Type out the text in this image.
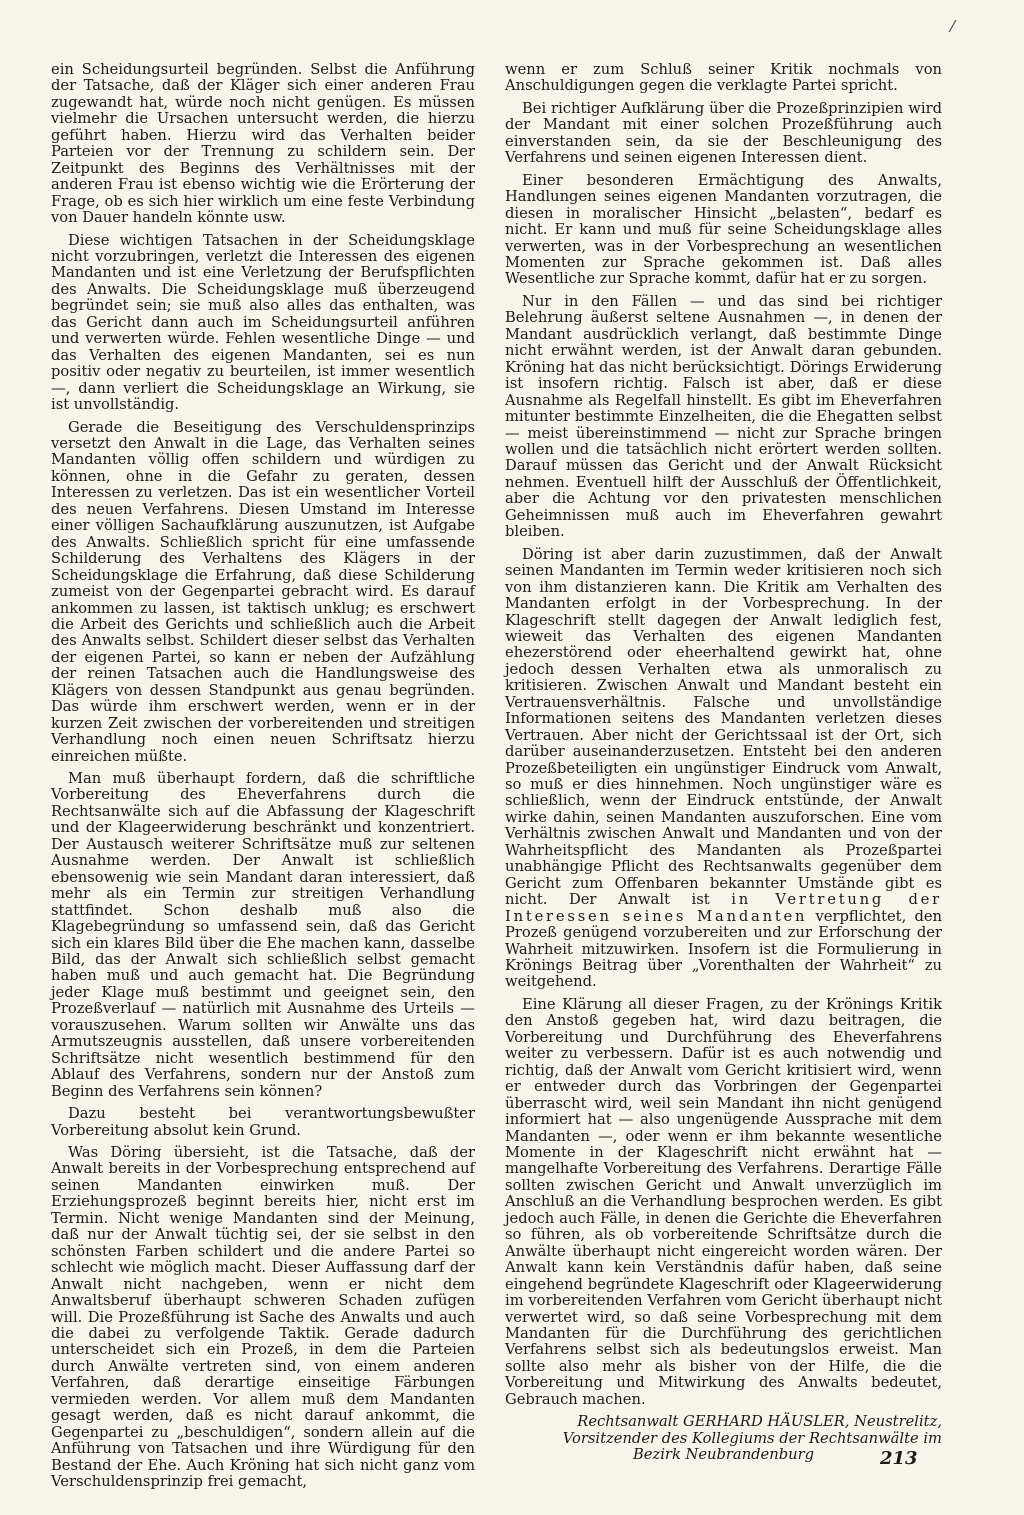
/

ein Scheidungsurteil begründen. Selbst die Anführung der Tatsache, daß der Kläger sich einer anderen Frau zugewandt hat, würde noch nicht genügen. Es müssen vielmehr die Ursachen untersucht werden, die hierzu geführt haben. Hierzu wird das Verhalten beider Parteien vor der Trennung zu schildern sein. Der Zeitpunkt des Beginns des Verhältnisses mit der anderen Frau ist ebenso wichtig wie die Erörterung der Frage, ob es sich hier wirklich um eine feste Verbindung von Dauer handeln könnte usw.

Diese wichtigen Tatsachen in der Scheidungsklage nicht vorzubringen, verletzt die Interessen des eigenen Mandanten und ist eine Verletzung der Berufspflichten des Anwalts. Die Scheidungsklage muß überzeugend begründet sein; sie muß also alles das enthalten, was das Gericht dann auch im Scheidungsurteil anführen und verwerten würde. Fehlen wesentliche Dinge — und das Verhalten des eigenen Mandanten, sei es nun positiv oder negativ zu beurteilen, ist immer wesentlich —, dann verliert die Scheidungsklage an Wirkung, sie ist unvollständig.

Gerade die Beseitigung des Verschuldensprinzips versetzt den Anwalt in die Lage, das Verhalten seines Mandanten völlig offen schildern und würdigen zu können, ohne in die Gefahr zu geraten, dessen Interessen zu verletzen. Das ist ein wesentlicher Vorteil des neuen Verfahrens. Diesen Umstand im Interesse einer völligen Sachaufklärung auszunutzen, ist Aufgabe des Anwalts. Schließlich spricht für eine umfassende Schilderung des Verhaltens des Klägers in der Scheidungsklage die Erfahrung, daß diese Schilderung zumeist von der Gegenpartei gebracht wird. Es darauf ankommen zu lassen, ist taktisch unklug; es erschwert die Arbeit des Gerichts und schließlich auch die Arbeit des Anwalts selbst. Schildert dieser selbst das Verhalten der eigenen Partei, so kann er neben der Aufzählung der reinen Tatsachen auch die Handlungsweise des Klägers von dessen Standpunkt aus genau begründen. Das würde ihm erschwert werden, wenn er in der kurzen Zeit zwischen der vorbereitenden und streitigen Verhandlung noch einen neuen Schriftsatz hierzu einreichen müßte.

Man muß überhaupt fordern, daß die schriftliche Vorbereitung des Eheverfahrens durch die Rechtsanwälte sich auf die Abfassung der Klageschrift und der Klageerwiderung beschränkt und konzentriert. Der Austausch weiterer Schriftsätze muß zur seltenen Ausnahme werden. Der Anwalt ist schließlich ebensowenig wie sein Mandant daran interessiert, daß mehr als ein Termin zur streitigen Verhandlung stattfindet. Schon deshalb muß also die Klagebegründung so umfassend sein, daß das Gericht sich ein klares Bild über die Ehe machen kann, dasselbe Bild, das der Anwalt sich schließlich selbst gemacht haben muß und auch gemacht hat. Die Begründung jeder Klage muß bestimmt und geeignet sein, den Prozeßverlauf — natürlich mit Ausnahme des Urteils — vorauszusehen. Warum sollten wir Anwälte uns das Armutszeugnis ausstellen, daß unsere vorbereitenden Schriftsätze nicht wesentlich bestimmend für den Ablauf des Verfahrens, sondern nur der Anstoß zum Beginn des Verfahrens sein können?

Dazu besteht bei verantwortungsbewußter Vorbereitung absolut kein Grund.

Was Döring übersieht, ist die Tatsache, daß der Anwalt bereits in der Vorbesprechung entsprechend auf seinen Mandanten einwirken muß. Der Erziehungsprozeß beginnt bereits hier, nicht erst im Termin. Nicht wenige Mandanten sind der Meinung, daß nur der Anwalt tüchtig sei, der sie selbst in den schönsten Farben schildert und die andere Partei so schlecht wie möglich macht. Dieser Auffassung darf der Anwalt nicht nachgeben, wenn er nicht dem Anwaltsberuf überhaupt schweren Schaden zufügen will. Die Prozeßführung ist Sache des Anwalts und auch die dabei zu verfolgende Taktik. Gerade dadurch unterscheidet sich ein Prozeß, in dem die Parteien durch Anwälte vertreten sind, von einem anderen Verfahren, daß derartige einseitige Färbungen vermieden werden. Vor allem muß dem Mandanten gesagt werden, daß es nicht darauf ankommt, die Gegenpartei zu „beschuldigen“, sondern allein auf die Anführung von Tatsachen und ihre Würdigung für den Bestand der Ehe. Auch Kröning hat sich nicht ganz vom Verschuldensprinzip frei gemacht,

wenn er zum Schluß seiner Kritik nochmals von Anschuldigungen gegen die verklagte Partei spricht.

Bei richtiger Aufklärung über die Prozeßprinzipien wird der Mandant mit einer solchen Prozeßführung auch einverstanden sein, da sie der Beschleunigung des Verfahrens und seinen eigenen Interessen dient.

Einer besonderen Ermächtigung des Anwalts, Handlungen seines eigenen Mandanten vorzutragen, die diesen in moralischer Hinsicht „belasten“, bedarf es nicht. Er kann und muß für seine Scheidungsklage alles verwerten, was in der Vorbesprechung an wesentlichen Momenten zur Sprache gekommen ist. Daß alles Wesentliche zur Sprache kommt, dafür hat er zu sorgen.

Nur in den Fällen — und das sind bei richtiger Belehrung äußerst seltene Ausnahmen —, in denen der Mandant ausdrücklich verlangt, daß bestimmte Dinge nicht erwähnt werden, ist der Anwalt daran gebunden. Kröning hat das nicht berücksichtigt. Dörings Erwiderung ist insofern richtig. Falsch ist aber, daß er diese Ausnahme als Regelfall hinstellt. Es gibt im Eheverfahren mitunter bestimmte Einzelheiten, die die Ehegatten selbst — meist übereinstimmend — nicht zur Sprache bringen wollen und die tatsächlich nicht erörtert werden sollten. Darauf müssen das Gericht und der Anwalt Rücksicht nehmen. Eventuell hilft der Ausschluß der Öffentlichkeit, aber die Achtung vor den privatesten menschlichen Geheimnissen muß auch im Eheverfahren gewahrt bleiben.

Döring ist aber darin zuzustimmen, daß der Anwalt seinen Mandanten im Termin weder kritisieren noch sich von ihm distanzieren kann. Die Kritik am Verhalten des Mandanten erfolgt in der Vorbesprechung. In der Klageschrift stellt dagegen der Anwalt lediglich fest, wieweit das Verhalten des eigenen Mandanten ehezerstörend oder eheerhaltend gewirkt hat, ohne jedoch dessen Verhalten etwa als unmoralisch zu kritisieren. Zwischen Anwalt und Mandant besteht ein Vertrauensverhältnis. Falsche und unvollständige Informationen seitens des Mandanten verletzen dieses Vertrauen. Aber nicht der Gerichtssaal ist der Ort, sich darüber auseinanderzusetzen. Entsteht bei den anderen Prozeßbeteiligten ein ungünstiger Eindruck vom Anwalt, so muß er dies hinnehmen. Noch ungünstiger wäre es schließlich, wenn der Eindruck entstünde, der Anwalt wirke dahin, seinen Mandanten auszuforschen. Eine vom Verhältnis zwischen Anwalt und Mandanten und von der Wahrheitspflicht des Mandanten als Prozeßpartei unabhängige Pflicht des Rechtsanwalts gegenüber dem Gericht zum Offenbaren bekannter Umstände gibt es nicht. Der Anwalt ist in Vertretung der Interessen seines Mandanten verpflichtet, den Prozeß genügend vorzubereiten und zur Erforschung der Wahrheit mitzuwirken. Insofern ist die Formulierung in Krönings Beitrag über „Vorenthalten der Wahrheit“ zu weitgehend.

Eine Klärung all dieser Fragen, zu der Krönings Kritik den Anstoß gegeben hat, wird dazu beitragen, die Vorbereitung und Durchführung des Eheverfahrens weiter zu verbessern. Dafür ist es auch notwendig und richtig, daß der Anwalt vom Gericht kritisiert wird, wenn er entweder durch das Vorbringen der Gegenpartei überrascht wird, weil sein Mandant ihn nicht genügend informiert hat — also ungenügende Aussprache mit dem Mandanten —, oder wenn er ihm bekannte wesentliche Momente in der Klageschrift nicht erwähnt hat — mangelhafte Vorbereitung des Verfahrens. Derartige Fälle sollten zwischen Gericht und Anwalt unverzüglich im Anschluß an die Verhandlung besprochen werden. Es gibt jedoch auch Fälle, in denen die Gerichte die Eheverfahren so führen, als ob vorbereitende Schriftsätze durch die Anwälte überhaupt nicht eingereicht worden wären. Der Anwalt kann kein Verständnis dafür haben, daß seine eingehend begründete Klageschrift oder Klageerwiderung im vorbereitenden Verfahren vom Gericht überhaupt nicht verwertet wird, so daß seine Vorbesprechung mit dem Mandanten für die Durchführung des gerichtlichen Verfahrens selbst sich als bedeutungslos erweist. Man sollte also mehr als bisher von der Hilfe, die die Vorbereitung und Mitwirkung des Anwalts bedeutet, Gebrauch machen.

Rechtsanwalt GERHARD HÄUSLER, Neustrelitz,
Vorsitzender des Kollegiums der Rechtsanwälte im
Bezirk Neubrandenburg	213
